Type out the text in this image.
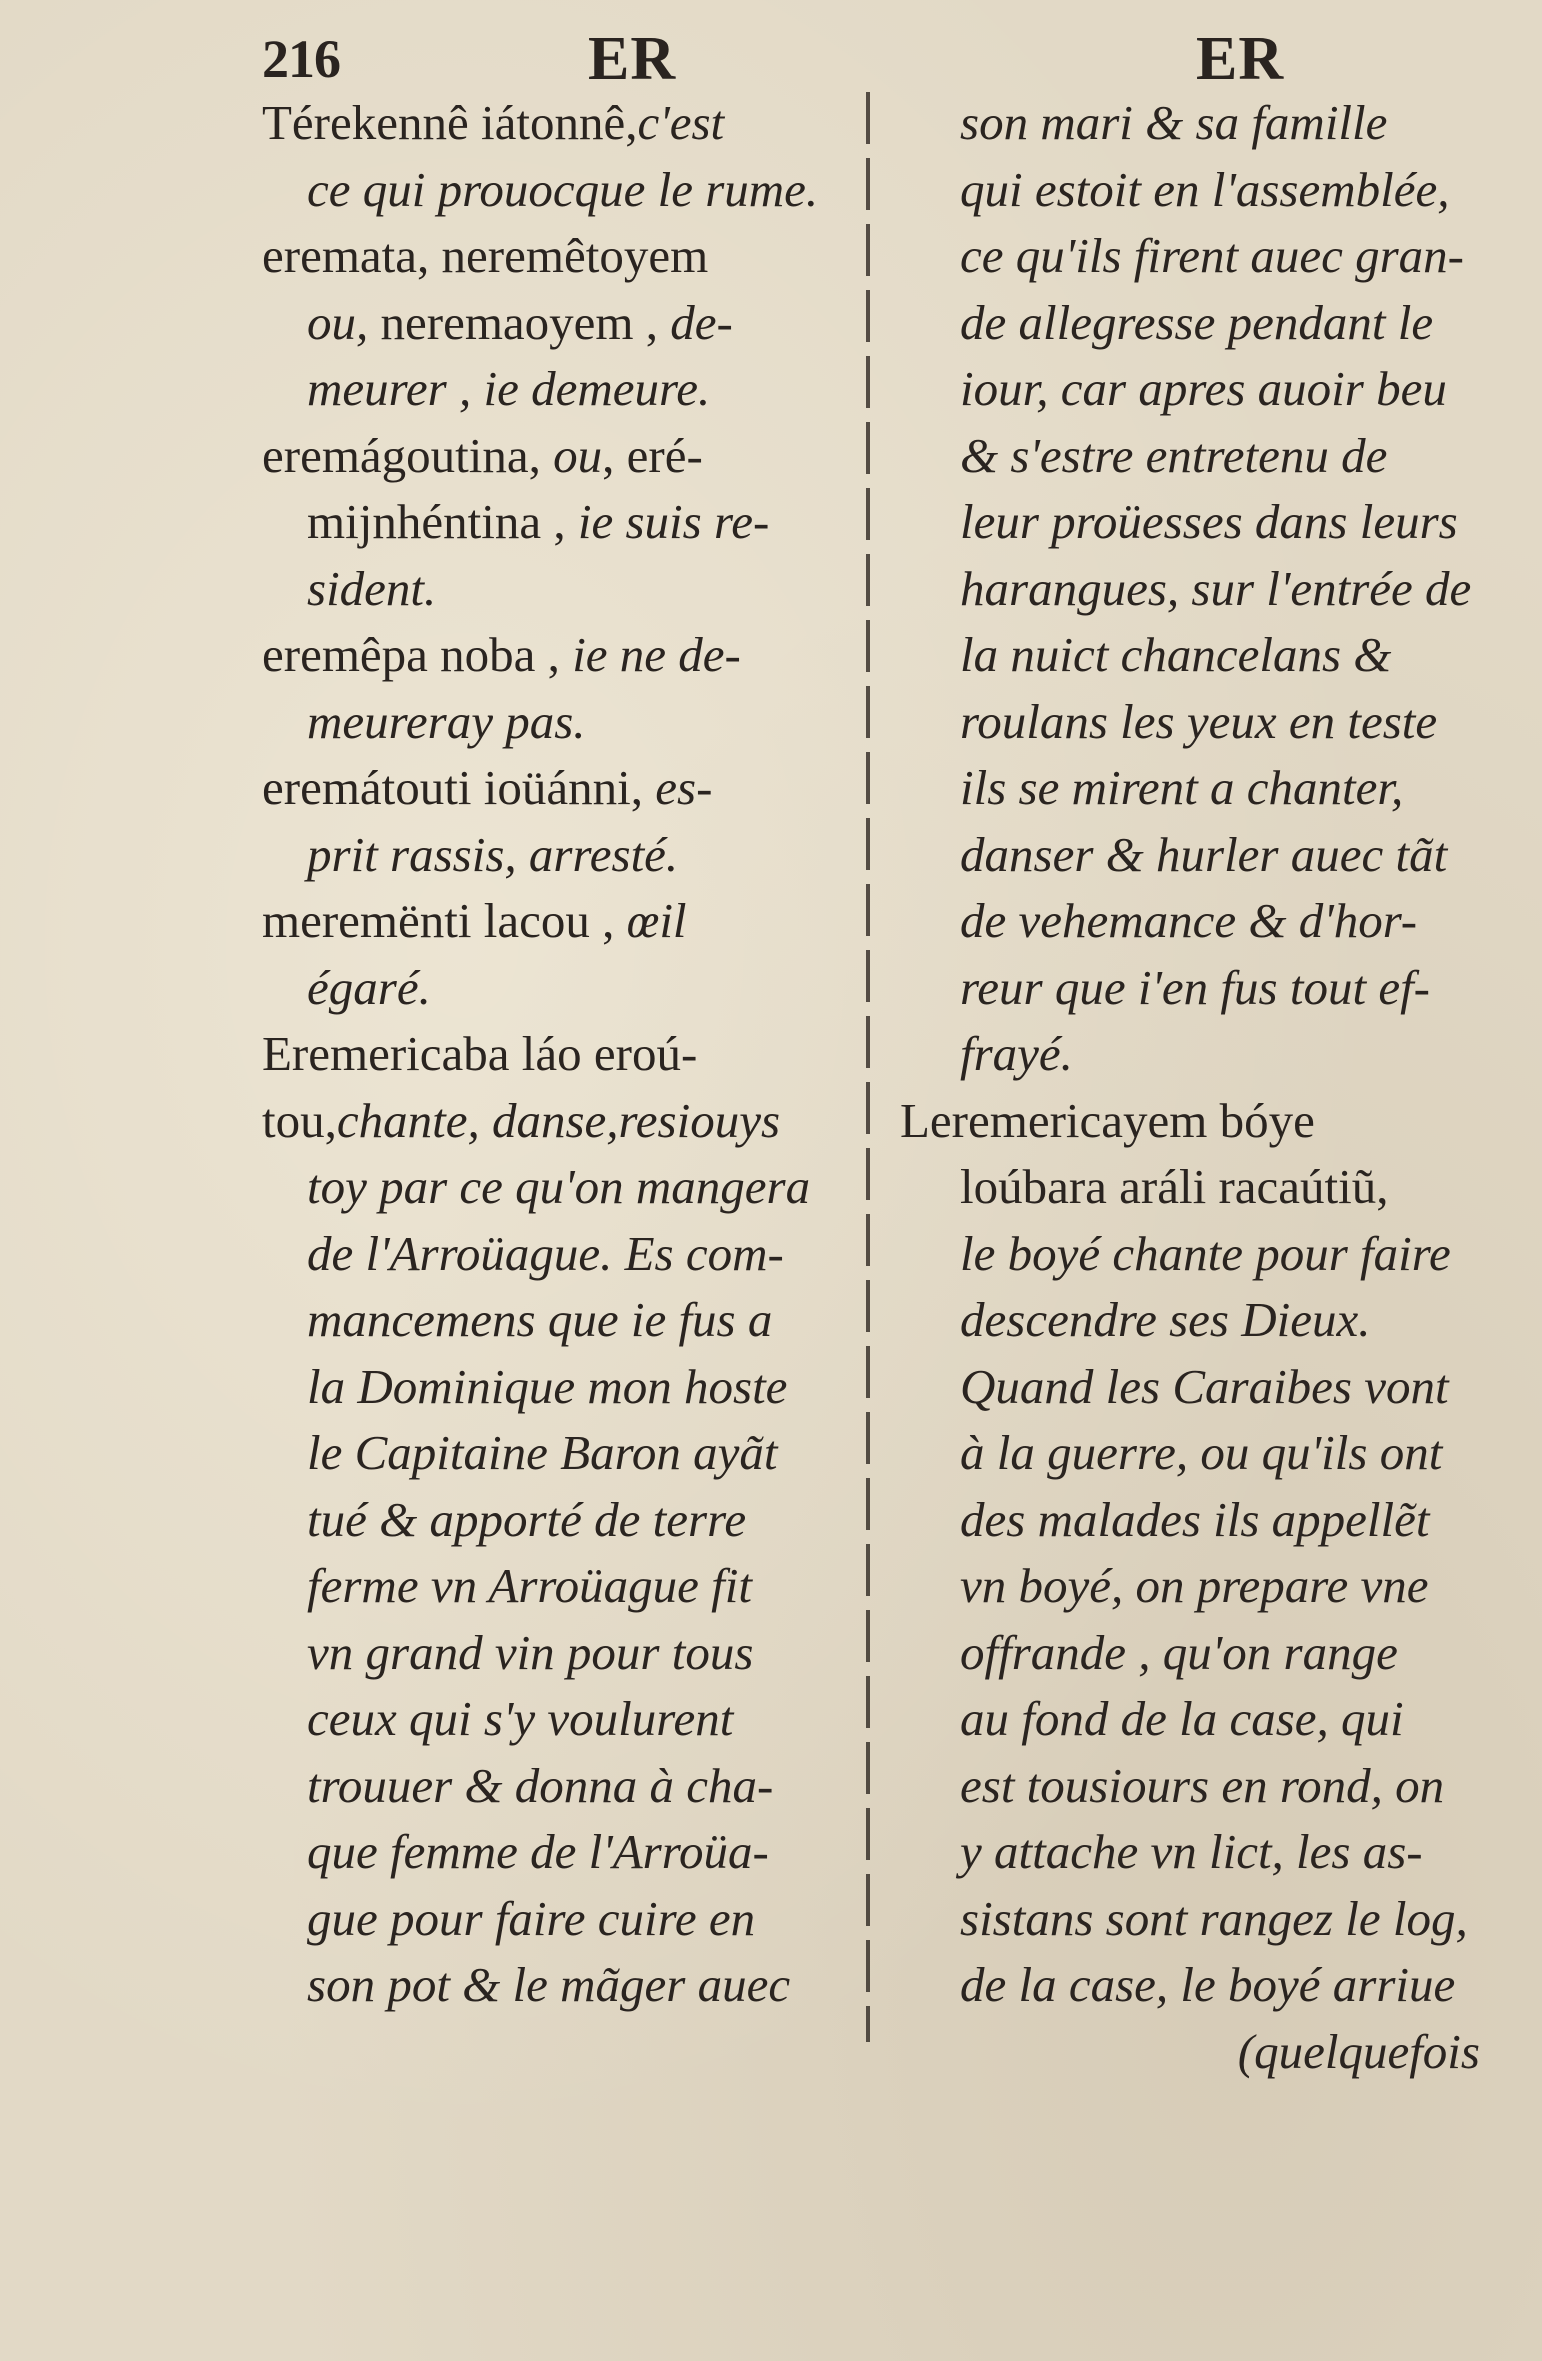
216	ER	ER
Térekennê iátonnê,c'est
ce qui prouocque le rume.
eremata, neremêtoyem
ou, neremaoyem , de-
meurer , ie demeure.
eremágoutina, ou, eré-
mijnhéntina , ie suis re-
sident.
eremêpa noba , ie ne de-
meureray pas.
eremátouti ioüánni, es-
prit rassis, arresté.
meremënti lacou , œil
égaré.
Eremericaba láo eroú-
tou,chante, danse,resiouys
toy par ce qu'on mangera
de l'Arroüague. Es com-
mancemens que ie fus a
la Dominique mon hoste
le Capitaine Baron ayãt
tué & apporté de terre
ferme vn Arroüague fit
vn grand vin pour tous
ceux qui s'y voulurent
trouuer & donna à cha-
que femme de l'Arroüa-
gue pour faire cuire en
son pot & le mãger auec
son mari & sa famille
qui estoit en l'assemblée,
ce qu'ils firent auec gran-
de allegresse pendant le
iour, car apres auoir beu
& s'estre entretenu de
leur proüesses dans leurs
harangues, sur l'entrée de
la nuict chancelans &
roulans les yeux en teste
ils se mirent a chanter,
danser & hurler auec tãt
de vehemance & d'hor-
reur que i'en fus tout ef-
frayé.
Leremericayem bóye
loúbara aráli racaútiũ,
le boyé chante pour faire
descendre ses Dieux.
Quand les Caraibes vont
à la guerre, ou qu'ils ont
des malades ils appellẽt
vn boyé, on prepare vne
offrande , qu'on range
au fond de la case, qui
est tousiours en rond, on
y attache vn lict, les as-
sistans sont rangez le log,
de la case, le boyé arriue
(quelquefois
